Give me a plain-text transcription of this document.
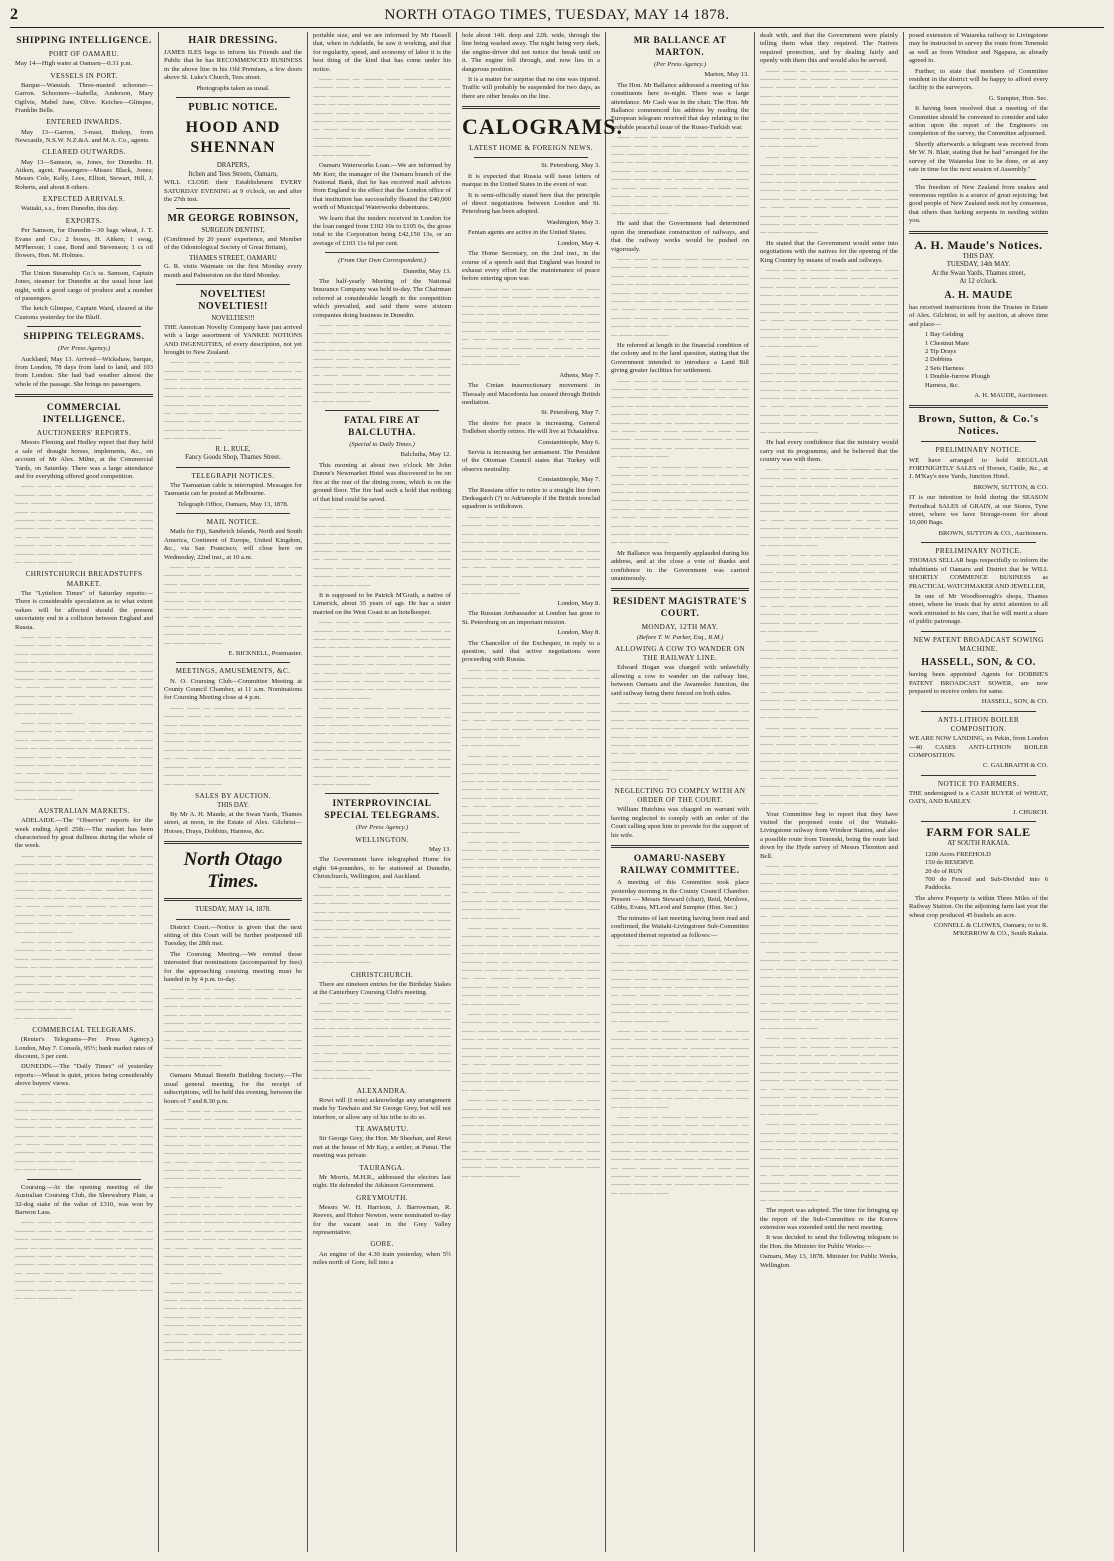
2	NORTH OTAGO TIMES, TUESDAY, MAY 14 1878.
SHIPPING INTELLIGENCE.
PORT OF OAMARU.

May 14—High water at Oamaru—0.31 p.m.

VESSELS IN PORT.

Barque—Wanstah. Three-masted schooner—Garron. Schooners—Isabella, Anderson, Mary Ogilvie, Mabel Jane, Olive. Ketches—Glimpse, Franklin Belle.

ENTERED INWARDS.

May 13—Garron, 3-mast, Bishop, from Newcastle, N.S.W. N.Z.&A. and M.A. Co., agents.

CLEARED OUTWARDS.

May 13—Samson, ss, Jones, for Dunedin. H. Aitken, agent. Passengers—Misses Black, Jones; Messrs Cole, Kelly, Lees, Elliott, Stewart, Hill, J. Roberts, and about 8 others.

EXPECTED ARRIVALS.

Waitaki, s.s., from Dunedin, this day.

EXPORTS.

Per Samson, for Dunedin—30 bags wheat, J. T. Evans and Co.; 2 boxes, H. Aitken; 1 swag, M'Pherson; 1 case, Bond and Stevenson; 1 cs oil flowers, Hon. M. Holmes.

The Union Steamship Co.'s ss. Samson, Captain Jones, steamer for Dunedin at the usual hour last night, with a good cargo of produce and a number of passengers.

The ketch Glimpse, Captain Ward, cleared at the Customs yesterday for the Bluff.

SHIPPING TELEGRAMS.
(Per Press Agency.)

Auckland, May 13. Arrived—Wickshaw, barque, from London, 78 days from land to land, and 103 from London. She had bad weather almost the whole of the passage. She brings no passengers.

COMMERCIAL INTELLIGENCE.
AUCTIONEERS' REPORTS.

Messrs Fleming and Hedley report that they held a sale of draught horses, implements, &c., on account of Mr Alex. Milne, at the Commercial Yards, on Saturday. There was a large attendance and for everything offered good competition.

—— —— — ——— —— ——— — —— ——— —— — ——— —— —— ——— — —— ——— —— —— — ——— —— ——— —— — —— ——— —— ——— — —— —— ——— —— — ——— —— ——— — —— ——— —— —— — ——— —— ——— —— — —— ——— —— ——— — —— —— ——— —— — ——— —— ——— — —— ——— —— —— — ——— —— ——— —— — —— ——— ——

CHRISTCHURCH BREADSTUFFS MARKET.

The "Lyttelton Times" of Saturday reports:— There is considerable speculation as to what extent values will be affected should the present uncertainty end in a collision between England and Russia.

—— —— — ——— —— ——— — —— ——— —— — ——— —— —— ——— — —— ——— —— —— — ——— —— ——— —— — —— ——— —— ——— — —— —— ——— —— — ——— —— ——— — —— ——— —— —— — ——— —— ——— —— — —— ——— —— ——— — —— —— ——— —— — ——— —— ——— — —— ——— —— —— — ——— —— ——— —— — —— ——— ——

—— —— — ——— —— ——— — —— ——— —— — ——— —— —— ——— — —— ——— —— —— — ——— —— ——— —— — —— ——— —— ——— — —— —— ——— —— — ——— —— ——— — —— ——— —— —— — ——— —— ——— —— — —— ——— —— ——— — —— —— ——— —— — ——— —— ——— — —— ——— —— —— — ——— —— ——— —— — —— ——— ——

AUSTRALIAN MARKETS.

ADELAIDE.—The "Observer" reports for the week ending April 25th:—The market has been characterised by great dullness during the whole of the week.

—— —— — ——— —— ——— — —— ——— —— — ——— —— —— ——— — —— ——— —— —— — ——— —— ——— —— — —— ——— —— ——— — —— —— ——— —— — ——— —— ——— — —— ——— —— —— — ——— —— ——— —— — —— ——— —— ——— — —— —— ——— —— — ——— —— ——— — —— ——— —— —— — ——— —— ——— —— — —— ——— ——

—— —— — ——— —— ——— — —— ——— —— — ——— —— —— ——— — —— ——— —— —— — ——— —— ——— —— — —— ——— —— ——— — —— —— ——— —— — ——— —— ——— — —— ——— —— —— — ——— —— ——— —— — —— ——— —— ——— — —— —— ——— —— — ——— —— ——— — —— ——— —— —— — ——— —— ——— —— — —— ——— ——

COMMERCIAL TELEGRAMS.

(Reuter's Telegrams—Per Press Agency.) London, May 7. Consols, 95½; bank market rates of discount, 3 per cent.

DUNEDIN.—The "Daily Times" of yesterday reports:—Wheat is quiet, prices being considerably above buyers' views.

—— —— — ——— —— ——— — —— ——— —— — ——— —— —— ——— — —— ——— —— —— — ——— —— ——— —— — —— ——— —— ——— — —— —— ——— —— — ——— —— ——— — —— ——— —— —— — ——— —— ——— —— — —— ——— —— ——— — —— —— ——— —— — ——— —— ——— — —— ——— —— —— — ——— —— ——— —— — —— ——— ——

Coursing.—At the opening meeting of the Australian Coursing Club, the Shrewsbury Plate, a 32-dog stake of the value of £310, was won by Barwon Lass.

—— —— — ——— —— ——— — —— ——— —— — ——— —— —— ——— — —— ——— —— —— — ——— —— ——— —— — —— ——— —— ——— — —— —— ——— —— — ——— —— ——— — —— ——— —— —— — ——— —— ——— —— — —— ——— —— ——— — —— —— ——— —— — ——— —— ——— — —— ——— —— —— — ——— —— ——— —— — —— ——— ——

HAIR DRESSING.

JAMES ILES begs to inform his Friends and the Public that he has RECOMMENCED BUSINESS in the above line in his Old Premises, a few doors above St. Luke's Church, Tees street.

Photographs taken as usual.

PUBLIC NOTICE.
HOOD AND SHENNAN
DRAPERS,
Itchen and Tees Streets, Oamaru,

WILL CLOSE their Establishment EVERY SATURDAY EVENING at 9 o'clock, on and after the 27th inst.

MR GEORGE ROBINSON,
SURGEON DENTIST,

(Confirmed by 20 years' experience, and Member of the Odontological Society of Great Britain),

THAMES STREET, OAMARU

G. R. visits Waimate on the first Monday every month and Palmerston on the third Monday.

NOVELTIES! NOVELTIES!!
NOVELTIES!!!

THE American Novelty Company have just arrived with a large assortment of YANKEE NOTIONS AND INGENUITIES, of every description, not yet brought to New Zealand.

—— —— — ——— —— ——— — —— ——— —— — ——— —— —— ——— — —— ——— —— —— — ——— —— ——— —— — —— ——— —— ——— — —— —— ——— —— — ——— —— ——— — —— ——— —— —— — ——— —— ——— —— — —— ——— —— ——— — —— —— ——— —— — ——— —— ——— — —— ——— —— —— — ——— —— ——— —— — —— ——— ——

R. L. RULE,
Fancy Goods Shop, Thames Street.
TELEGRAPH NOTICES.

The Tasmanian cable is interrupted. Messages for Tasmania can be posted at Melbourne.

Telegraph Office, Oamaru, May 13, 1878.

MAIL NOTICE.

Mails for Fiji, Sandwich Islands, North and South America, Continent of Europe, United Kingdom, &c., via San Francisco, will close here on Wednesday, 22nd inst., at 10 a.m.

—— —— — ——— —— ——— — —— ——— —— — ——— —— —— ——— — —— ——— —— —— — ——— —— ——— —— — —— ——— —— ——— — —— —— ——— —— — ——— —— ——— — —— ——— —— —— — ——— —— ——— —— — —— ——— —— ——— — —— —— ——— —— — ——— —— ——— — —— ——— —— —— — ——— —— ——— —— — —— ——— ——

E. BICKNELL, Postmaster.

MEETINGS, AMUSEMENTS, &C.

N. O. Coursing Club—Committee Meeting at County Council Chamber, at 11 a.m. Nominations for Coursing Meeting close at 4 p.m.

—— —— — ——— —— ——— — —— ——— —— — ——— —— —— ——— — —— ——— —— —— — ——— —— ——— —— — —— ——— —— ——— — —— —— ——— —— — ——— —— ——— — —— ——— —— —— — ——— —— ——— —— — —— ——— —— ——— — —— —— ——— —— — ——— —— ——— — —— ——— —— —— — ——— —— ——— —— — —— ——— ——

SALES BY AUCTION.
THIS DAY.

By Mr A. H. Maude, at the Swan Yards, Thames street, at noon, in the Estate of Alex. Gilchrist—Horses, Drays, Dobbins, Harness, &c.

North Otago Times.
TUESDAY, MAY 14, 1878.

District Court.—Notice is given that the next sitting of this Court will be further postponed till Tuesday, the 28th inst.

The Coursing Meeting.—We remind those interested that nominations (accompanied by fees) for the approaching coursing meeting must be handed in by 4 p.m. to-day.

—— —— — ——— —— ——— — —— ——— —— — ——— —— —— ——— — —— ——— —— —— — ——— —— ——— —— — —— ——— —— ——— — —— —— ——— —— — ——— —— ——— — —— ——— —— —— — ——— —— ——— —— — —— ——— —— ——— — —— —— ——— —— — ——— —— ——— — —— ——— —— —— — ——— —— ——— —— — —— ——— ——

Oamaru Mutual Benefit Building Society.—The usual general meeting, for the receipt of subscriptions, will be held this evening, between the hours of 7 and 8.30 p.m.

—— —— — ——— —— ——— — —— ——— —— — ——— —— —— ——— — —— ——— —— —— — ——— —— ——— —— — —— ——— —— ——— — —— —— ——— —— — ——— —— ——— — —— ——— —— —— — ——— —— ——— —— — —— ——— —— ——— — —— —— ——— —— — ——— —— ——— — —— ——— —— —— — ——— —— ——— —— — —— ——— ——

—— —— — ——— —— ——— — —— ——— —— — ——— —— —— ——— — —— ——— —— —— — ——— —— ——— —— — —— ——— —— ——— — —— —— ——— —— — ——— —— ——— — —— ——— —— —— — ——— —— ——— —— — —— ——— —— ——— — —— —— ——— —— — ——— —— ——— — —— ——— —— —— — ——— —— ——— —— — —— ——— ——

—— —— — ——— —— ——— — —— ——— —— — ——— —— —— ——— — —— ——— —— —— — ——— —— ——— —— — —— ——— —— ——— — —— —— ——— —— — ——— —— ——— — —— ——— —— —— — ——— —— ——— —— — —— ——— —— ——— — —— —— ——— —— — ——— —— ——— — —— ——— —— —— — ——— —— ——— —— — —— ——— ——

portable size, and we are informed by Mr Hassell that, when in Adelaide, he saw it working, and that for regularity, speed, and economy of labor it is the best thing of the kind that has come under his notice.

—— —— — ——— —— ——— — —— ——— —— — ——— —— —— ——— — —— ——— —— —— — ——— —— ——— —— — —— ——— —— ——— — —— —— ——— —— — ——— —— ——— — —— ——— —— —— — ——— —— ——— —— — —— ——— —— ——— — —— —— ——— —— — ——— —— ——— — —— ——— —— —— — ——— —— ——— —— — —— ——— ——

Oamaru Waterworks Loan.—We are informed by Mr Kerr, the manager of the Oamaru branch of the National Bank, that he has received mail advices from England to the effect that the London office of that institution has successfully floated the £40,000 worth of Municipal Waterworks debentures.

We learn that the tenders received in London for the loan ranged from £102 10s to £105 6s, the gross total to the Corporation being £42,150 13s, or an average of £103 11s 6d per cent.

(From Our Own Correspondent.)

Dunedin, May 13.

The half-yearly Meeting of the National Insurance Company was held to-day. The Chairman referred at considerable length to the competition which prevailed, and said there were sixteen companies doing business in Dunedin.

—— —— — ——— —— ——— — —— ——— —— — ——— —— —— ——— — —— ——— —— —— — ——— —— ——— —— — —— ——— —— ——— — —— —— ——— —— — ——— —— ——— — —— ——— —— —— — ——— —— ——— —— — —— ——— —— ——— — —— —— ——— —— — ——— —— ——— — —— ——— —— —— — ——— —— ——— —— — —— ——— ——

FATAL FIRE AT BALCLUTHA.
(Special to Daily Times.)

Balclutha, May 12.

This morning at about two o'clock Mr John Dunne's Newmarket Hotel was discovered to be on fire at the rear of the dining room, which is on the ground floor. The fire had such a hold that nothing of that kind could be saved.

—— —— — ——— —— ——— — —— ——— —— — ——— —— —— ——— — —— ——— —— —— — ——— —— ——— —— — —— ——— —— ——— — —— —— ——— —— — ——— —— ——— — —— ——— —— —— — ——— —— ——— —— — —— ——— —— ——— — —— —— ——— —— — ——— —— ——— — —— ——— —— —— — ——— —— ——— —— — —— ——— ——

It is supposed to be Patrick M'Grath, a native of Limerick, about 35 years of age. He has a sister married on the West Coast to an hotelkeeper.

—— —— — ——— —— ——— — —— ——— —— — ——— —— —— ——— — —— ——— —— —— — ——— —— ——— —— — —— ——— —— ——— — —— —— ——— —— — ——— —— ——— — —— ——— —— —— — ——— —— ——— —— — —— ——— —— ——— — —— —— ——— —— — ——— —— ——— — —— ——— —— —— — ——— —— ——— —— — —— ——— ——

—— —— — ——— —— ——— — —— ——— —— — ——— —— —— ——— — —— ——— —— —— — ——— —— ——— —— — —— ——— —— ——— — —— —— ——— —— — ——— —— ——— — —— ——— —— —— — ——— —— ——— —— — —— ——— —— ——— — —— —— ——— —— — ——— —— ——— — —— ——— —— —— — ——— —— ——— —— — —— ——— ——

INTERPROVINCIAL SPECIAL TELEGRAMS.
(Per Press Agency.)
WELLINGTON.

May 13.

The Government have telegraphed Home for eight 64-pounders, to be stationed at Dunedin, Christchurch, Wellington, and Auckland.

—— —— — ——— —— ——— — —— ——— —— — ——— —— —— ——— — —— ——— —— —— — ——— —— ——— —— — —— ——— —— ——— — —— —— ——— —— — ——— —— ——— — —— ——— —— —— — ——— —— ——— —— — —— ——— —— ——— — —— —— ——— —— — ——— —— ——— — —— ——— —— —— — ——— —— ——— —— — —— ——— ——

CHRISTCHURCH.

There are nineteen entries for the Birthday Stakes at the Canterbury Coursing Club's meeting.

—— —— — ——— —— ——— — —— ——— —— — ——— —— —— ——— — —— ——— —— —— — ——— —— ——— —— — —— ——— —— ——— — —— —— ——— —— — ——— —— ——— — —— ——— —— —— — ——— —— ——— —— — —— ——— —— ——— — —— —— ——— —— — ——— —— ——— — —— ——— —— —— — ——— —— ——— —— — —— ——— ——

ALEXANDRA.

Rowi will (I note) acknowledge any arrangement made by Tawhaio and Sir George Grey, but will not interfere, or allow any of his tribe to do so.

TE AWAMUTU.

Sir George Grey, the Hon. Mr Sheehan, and Rewi met at the house of Mr Kay, a settler, at Punui. The meeting was private.

TAURANGA.

Mr Morris, M.H.R., addressed the electors last night. He defended the Atkinson Government.

GREYMOUTH.

Messrs W. H. Harrison, J. Barrowman, R. Reeves, and Hohor Newton, were nominated to-day for the vacant seat in the Grey Valley representative.

GORE.

An engine of the 4.30 train yesterday, when 5½ miles north of Gore, fell into a

hole about 14ft. deep and 22ft. wide, through the line being washed away. The night being very dark, the engine-driver did not notice the break until on it. The engine fell through, and now lies in a dangerous position.

It is a matter for surprise that no one was injured. Traffic will probably be suspended for two days, as there are other breaks on the line.

CALOGRAMS.
LATEST HOME & FOREIGN NEWS.

St. Petersburg, May 3.

It is expected that Russia will issue letters of marque in the United States in the event of war.

It is semi-officially stated here that the principle of direct negotiations between London and St. Petersburg has been adopted.

Washington, May 3.

Fenian agents are active in the United States.

London, May 4.

The Home Secretary, on the 2nd inst., in the course of a speech said that England was bound to exhaust every effort for the maintenance of peace before entering upon war.

—— —— — ——— —— ——— — —— ——— —— — ——— —— —— ——— — —— ——— —— —— — ——— —— ——— —— — —— ——— —— ——— — —— —— ——— —— — ——— —— ——— — —— ——— —— —— — ——— —— ——— —— — —— ——— —— ——— — —— —— ——— —— — ——— —— ——— — —— ——— —— —— — ——— —— ——— —— — —— ——— ——

Athens, May 7.

The Cretan insurrectionary movement in Thessaly and Macedonia has ceased through British mediation.

St. Petersburg, May 7.

The desire for peace is increasing. General Todleben shortly retires. He will live at Tchataldiva.

Constantinople, May 6.

Servia is increasing her armament. The President of the Ottoman Council states that Turkey will observe neutrality.

Constantinople, May 7.

The Russians offer to retire to a straight line from Dedeagatch (?) to Adrianople if the British ironclad squadron is withdrawn.

—— —— — ——— —— ——— — —— ——— —— — ——— —— —— ——— — —— ——— —— —— — ——— —— ——— —— — —— ——— —— ——— — —— —— ——— —— — ——— —— ——— — —— ——— —— —— — ——— —— ——— —— — —— ——— —— ——— — —— —— ——— —— — ——— —— ——— — —— ——— —— —— — ——— —— ——— —— — —— ——— ——

London, May 8.

The Russian Ambassador at London has gone to St. Petersburg on an important mission.

London, May 8.

The Chancellor of the Exchequer, in reply to a question, said that active negotiations were proceeding with Russia.

—— —— — ——— —— ——— — —— ——— —— — ——— —— —— ——— — —— ——— —— —— — ——— —— ——— —— — —— ——— —— ——— — —— —— ——— —— — ——— —— ——— — —— ——— —— —— — ——— —— ——— —— — —— ——— —— ——— — —— —— ——— —— — ——— —— ——— — —— ——— —— —— — ——— —— ——— —— — —— ——— ——

—— —— — ——— —— ——— — —— ——— —— — ——— —— —— ——— — —— ——— —— —— — ——— —— ——— —— — —— ——— —— ——— — —— —— ——— —— — ——— —— ——— — —— ——— —— —— — ——— —— ——— —— — —— ——— —— ——— — —— —— ——— —— — ——— —— ——— — —— ——— —— —— — ——— —— ——— —— — —— ——— ——

—— —— — ——— —— ——— — —— ——— —— — ——— —— —— ——— — —— ——— —— —— — ——— —— ——— —— — —— ——— —— ——— — —— —— ——— —— — ——— —— ——— — —— ——— —— —— — ——— —— ——— —— — —— ——— —— ——— — —— —— ——— —— — ——— —— ——— — —— ——— —— —— — ——— —— ——— —— — —— ——— ——

—— —— — ——— —— ——— — —— ——— —— — ——— —— —— ——— — —— ——— —— —— — ——— —— ——— —— — —— ——— —— ——— — —— —— ——— —— — ——— —— ——— — —— ——— —— —— — ——— —— ——— —— — —— ——— —— ——— — —— —— ——— —— — ——— —— ——— — —— ——— —— —— — ——— —— ——— —— — —— ——— ——

—— —— — ——— —— ——— — —— ——— —— — ——— —— —— ——— — —— ——— —— —— — ——— —— ——— —— — —— ——— —— ——— — —— —— ——— —— — ——— —— ——— — —— ——— —— —— — ——— —— ——— —— — —— ——— —— ——— — —— —— ——— —— — ——— —— ——— — —— ——— —— —— — ——— —— ——— —— — —— ——— ——

—— —— — ——— —— ——— — —— ——— —— — ——— —— —— ——— — —— ——— —— —— — ——— —— ——— —— — —— ——— —— ——— — —— —— ——— —— — ——— —— ——— — —— ——— —— —— — ——— —— ——— —— — —— ——— —— ——— — —— —— ——— —— — ——— —— ——— — —— ——— —— —— — ——— —— ——— —— — —— ——— ——

MR BALLANCE AT MARTON.
(Per Press Agency.)

Marton, May 13.

The Hon. Mr Ballance addressed a meeting of his constituents here to-night. There was a large attendance. Mr Cash was in the chair. The Hon. Mr Ballance commenced his address by reading the European telegram received that day relating to the probable peaceful issue of the Russo-Turkish war.

—— —— — ——— —— ——— — —— ——— —— — ——— —— —— ——— — —— ——— —— —— — ——— —— ——— —— — —— ——— —— ——— — —— —— ——— —— — ——— —— ——— — —— ——— —— —— — ——— —— ——— —— — —— ——— —— ——— — —— —— ——— —— — ——— —— ——— — —— ——— —— —— — ——— —— ——— —— — —— ——— ——

He said that the Government had determined upon the immediate construction of railways, and that the railway works would be pushed on vigorously.

—— —— — ——— —— ——— — —— ——— —— — ——— —— —— ——— — —— ——— —— —— — ——— —— ——— —— — —— ——— —— ——— — —— —— ——— —— — ——— —— ——— — —— ——— —— —— — ——— —— ——— —— — —— ——— —— ——— — —— —— ——— —— — ——— —— ——— — —— ——— —— —— — ——— —— ——— —— — —— ——— ——

He referred at length to the financial condition of the colony and to the land question, stating that the Government intended to introduce a Land Bill giving greater facilities for settlement.

—— —— — ——— —— ——— — —— ——— —— — ——— —— —— ——— — —— ——— —— —— — ——— —— ——— —— — —— ——— —— ——— — —— —— ——— —— — ——— —— ——— — —— ——— —— —— — ——— —— ——— —— — —— ——— —— ——— — —— —— ——— —— — ——— —— ——— — —— ——— —— —— — ——— —— ——— —— — —— ——— ——

—— —— — ——— —— ——— — —— ——— —— — ——— —— —— ——— — —— ——— —— —— — ——— —— ——— —— — —— ——— —— ——— — —— —— ——— —— — ——— —— ——— — —— ——— —— —— — ——— —— ——— —— — —— ——— —— ——— — —— —— ——— —— — ——— —— ——— — —— ——— —— —— — ——— —— ——— —— — —— ——— ——

Mr Ballance was frequently applauded during his address, and at the close a vote of thanks and confidence in the Government was carried unanimously.

RESIDENT MAGISTRATE'S COURT.
MONDAY, 12TH MAY.
(Before T. W. Parker, Esq., R.M.)
ALLOWING A COW TO WANDER ON THE RAILWAY LINE.

Edward Hogan was charged with unlawfully allowing a cow to wander on the railway line, between Oamaru and the Awamoko Junction, the said railway being there fenced on both sides.

—— —— — ——— —— ——— — —— ——— —— — ——— —— —— ——— — —— ——— —— —— — ——— —— ——— —— — —— ——— —— ——— — —— —— ——— —— — ——— —— ——— — —— ——— —— —— — ——— —— ——— —— — —— ——— —— ——— — —— —— ——— —— — ——— —— ——— — —— ——— —— —— — ——— —— ——— —— — —— ——— ——

NEGLECTING TO COMPLY WITH AN ORDER OF THE COURT.

William Hutchins was charged on warrant with having neglected to comply with an order of the Court calling upon him to provide for the support of his wife.

OAMARU-NASEBY RAILWAY COMMITTEE.

A meeting of this Committee took place yesterday morning in the County Council Chamber. Present — Messrs Steward (chair), Reid, Menlove, Gibbs, Evans, M'Leod and Sumpter (Hon. Sec.)

The minutes of last meeting having been read and confirmed, the Waitaki-Livingstone Sub-Committee appointed thereat reported as follows:—

—— —— — ——— —— ——— — —— ——— —— — ——— —— —— ——— — —— ——— —— —— — ——— —— ——— —— — —— ——— —— ——— — —— —— ——— —— — ——— —— ——— — —— ——— —— —— — ——— —— ——— —— — —— ——— —— ——— — —— —— ——— —— — ——— —— ——— — —— ——— —— —— — ——— —— ——— —— — —— ——— ——

—— —— — ——— —— ——— — —— ——— —— — ——— —— —— ——— — —— ——— —— —— — ——— —— ——— —— — —— ——— —— ——— — —— —— ——— —— — ——— —— ——— — —— ——— —— —— — ——— —— ——— —— — —— ——— —— ——— — —— —— ——— —— — ——— —— ——— — —— ——— —— —— — ——— —— ——— —— — —— ——— ——

—— —— — ——— —— ——— — —— ——— —— — ——— —— —— ——— — —— ——— —— —— — ——— —— ——— —— — —— ——— —— ——— — —— —— ——— —— — ——— —— ——— — —— ——— —— —— — ——— —— ——— —— — —— ——— —— ——— — —— —— ——— —— — ——— —— ——— — —— ——— —— —— — ——— —— ——— —— — —— ——— ——

dealt with, and that the Government were plainly telling them what they required. The Natives required protection, and by dealing fairly and openly with them this and would also be served.

—— —— — ——— —— ——— — —— ——— —— — ——— —— —— ——— — —— ——— —— —— — ——— —— ——— —— — —— ——— —— ——— — —— —— ——— —— — ——— —— ——— — —— ——— —— —— — ——— —— ——— —— — —— ——— —— ——— — —— —— ——— —— — ——— —— ——— — —— ——— —— —— — ——— —— ——— —— — —— ——— ——

—— —— — ——— —— ——— — —— ——— —— — ——— —— —— ——— — —— ——— —— —— — ——— —— ——— —— — —— ——— —— ——— — —— —— ——— —— — ——— —— ——— — —— ——— —— —— — ——— —— ——— —— — —— ——— —— ——— — —— —— ——— —— — ——— —— ——— — —— ——— —— —— — ——— —— ——— —— — —— ——— ——

He stated that the Government would enter into negotiations with the natives for the opening of the King Country by means of roads and railways.

—— —— — ——— —— ——— — —— ——— —— — ——— —— —— ——— — —— ——— —— —— — ——— —— ——— —— — —— ——— —— ——— — —— —— ——— —— — ——— —— ——— — —— ——— —— —— — ——— —— ——— —— — —— ——— —— ——— — —— —— ——— —— — ——— —— ——— — —— ——— —— —— — ——— —— ——— —— — —— ——— ——

—— —— — ——— —— ——— — —— ——— —— — ——— —— —— ——— — —— ——— —— —— — ——— —— ——— —— — —— ——— —— ——— — —— —— ——— —— — ——— —— ——— — —— ——— —— —— — ——— —— ——— —— — —— ——— —— ——— — —— —— ——— —— — ——— —— ——— — —— ——— —— —— — ——— —— ——— —— — —— ——— ——

He had every confidence that the ministry would carry out its programme, and he believed that the country was with them.

—— —— — ——— —— ——— — —— ——— —— — ——— —— —— ——— — —— ——— —— —— — ——— —— ——— —— — —— ——— —— ——— — —— —— ——— —— — ——— —— ——— — —— ——— —— —— — ——— —— ——— —— — —— ——— —— ——— — —— —— ——— —— — ——— —— ——— — —— ——— —— —— — ——— —— ——— —— — —— ——— ——

—— —— — ——— —— ——— — —— ——— —— — ——— —— —— ——— — —— ——— —— —— — ——— —— ——— —— — —— ——— —— ——— — —— —— ——— —— — ——— —— ——— — —— ——— —— —— — ——— —— ——— —— — —— ——— —— ——— — —— —— ——— —— — ——— —— ——— — —— ——— —— —— — ——— —— ——— —— — —— ——— ——

—— —— — ——— —— ——— — —— ——— —— — ——— —— —— ——— — —— ——— —— —— — ——— —— ——— —— — —— ——— —— ——— — —— —— ——— —— — ——— —— ——— — —— ——— —— —— — ——— —— ——— —— — —— ——— —— ——— — —— —— ——— —— — ——— —— ——— — —— ——— —— —— — ——— —— ——— —— — —— ——— ——

—— —— — ——— —— ——— — —— ——— —— — ——— —— —— ——— — —— ——— —— —— — ——— —— ——— —— — —— ——— —— ——— — —— —— ——— —— — ——— —— ——— — —— ——— —— —— — ——— —— ——— —— — —— ——— —— ——— — —— —— ——— —— — ——— —— ——— — —— ——— —— —— — ——— —— ——— —— — —— ——— ——

Your Committee beg to report that they have visited the proposed route of the Waitaki-Livingstone railway from Windsor Station, and also a possible route from Tenenski, being the route laid down by the Hyde survey of Messrs Thornton and Bell.

—— —— — ——— —— ——— — —— ——— —— — ——— —— —— ——— — —— ——— —— —— — ——— —— ——— —— — —— ——— —— ——— — —— —— ——— —— — ——— —— ——— — —— ——— —— —— — ——— —— ——— —— — —— ——— —— ——— — —— —— ——— —— — ——— —— ——— — —— ——— —— —— — ——— —— ——— —— — —— ——— ——

—— —— — ——— —— ——— — —— ——— —— — ——— —— —— ——— — —— ——— —— —— — ——— —— ——— —— — —— ——— —— ——— — —— —— ——— —— — ——— —— ——— — —— ——— —— —— — ——— —— ——— —— — —— ——— —— ——— — —— —— ——— —— — ——— —— ——— — —— ——— —— —— — ——— —— ——— —— — —— ——— ——

—— —— — ——— —— ——— — —— ——— —— — ——— —— —— ——— — —— ——— —— —— — ——— —— ——— —— — —— ——— —— ——— — —— —— ——— —— — ——— —— ——— — —— ——— —— —— — ——— —— ——— —— — —— ——— —— ——— — —— —— ——— —— — ——— —— ——— — —— ——— —— —— — ——— —— ——— —— — —— ——— ——

—— —— — ——— —— ——— — —— ——— —— — ——— —— —— ——— — —— ——— —— —— — ——— —— ——— —— — —— ——— —— ——— — —— —— ——— —— — ——— —— ——— — —— ——— —— —— — ——— —— ——— —— — —— ——— —— ——— — —— —— ——— —— — ——— —— ——— — —— ——— —— —— — ——— —— ——— —— — —— ——— ——

The report was adopted. The time for bringing up the report of the Sub-Committee re the Kurow extension was extended until the next meeting.

It was decided to send the following telegram to the Hon. the Minister for Public Works:—

Oamaru, May 13, 1878. Minister for Public Works, Wellington.

posed extension of Waiareka railway to Livingstone may be instructed to survey the route from Tenenski as well as from Windsor and Ngapara, as already agreed to.

Further, to state that members of Committee resident in the district will be happy to afford every facility to the surveyors.

G. Sumpter, Hon. Sec.

It having been resolved that a meeting of the Committee should be convened to consider and take action upon the report of the Engineers on completion of the survey, the Committee adjourned.

Shortly afterwards a telegram was received from Mr W. N. Blair, stating that he had "arranged for the survey of the Waiareka line to be done, or at any rate in time for the next session of Assembly."

The freedom of New Zealand from snakes and venomous reptiles is a source of great rejoicing; but good people of New Zealand seek not by consensus, that others than lurking serpents in nestling within you.

A. H. Maude's Notices.
THIS DAY.
TUESDAY, 14th MAY.
At the Swan Yards, Thames street,
At 12 o'clock.
A. H. MAUDE

has received instructions from the Trustee in Estate of Alex. Gilchrist, to sell by auction, at above time and place—

1 Bay Gelding
1 Chestnut Mare
2 Tip Drays
2 Dobbins
2 Sets Harness
1 Double-furrow Plough
Harness, &c.

A. H. MAUDE, Auctioneer.

Brown, Sutton, & Co.'s Notices.
PRELIMINARY NOTICE.

WE have arranged to hold REGULAR FORTNIGHTLY SALES of Horses, Cattle, &c., at J. M'Kay's new Yards, Junction Hotel.

BROWN, SUTTON, & CO.

IT is our intention to hold during the SEASON Periodical SALES of GRAIN, at our Stores, Tyne street, where we have Storage-room for about 10,000 Bags.

BROWN, SUTTON & CO., Auctioneers.

PRELIMINARY NOTICE.

THOMAS SELLAR begs respectfully to inform the inhabitants of Oamaru and District that he WILL SHORTLY COMMENCE BUSINESS as PRACTICAL WATCHMAKER AND JEWELLER,

In one of Mr Woodborough's shops, Thames street, where he trusts that by strict attention to all work entrusted to his care, that he will merit a share of public patronage.

NEW PATENT BROADCAST SOWING MACHINE.
HASSELL, SON, & CO.

having been appointed Agents for DOBBIE'S PATENT BROADCAST SOWER, are now prepared to receive orders for same.

HASSELL, SON, & CO.

ANTI-LITHON BOILER COMPOSITION.

WE ARE NOW LANDING, ex Pekin, from London—40 CASES ANTI-LITHON BOILER COMPOSITION.

C. GALBRAITH & CO.

NOTICE TO FARMERS.

THE undersigned is a CASH BUYER of WHEAT, OATS, AND BARLEY.

J. CHURCH.

FARM FOR SALE
AT SOUTH RAKAIA.
1200 Acres FREEHOLD
150 do RESERVE
20 do of RUN
700 do Fenced and Sub-Divided into 6 Paddocks.

The above Property is within Three Miles of the Railway Station. On the adjoining farm last year the wheat crop produced 45 bushels an acre.

CONNELL & CLOWES, Oamaru; or to R. M'KERROW & CO., South Rakaia.
